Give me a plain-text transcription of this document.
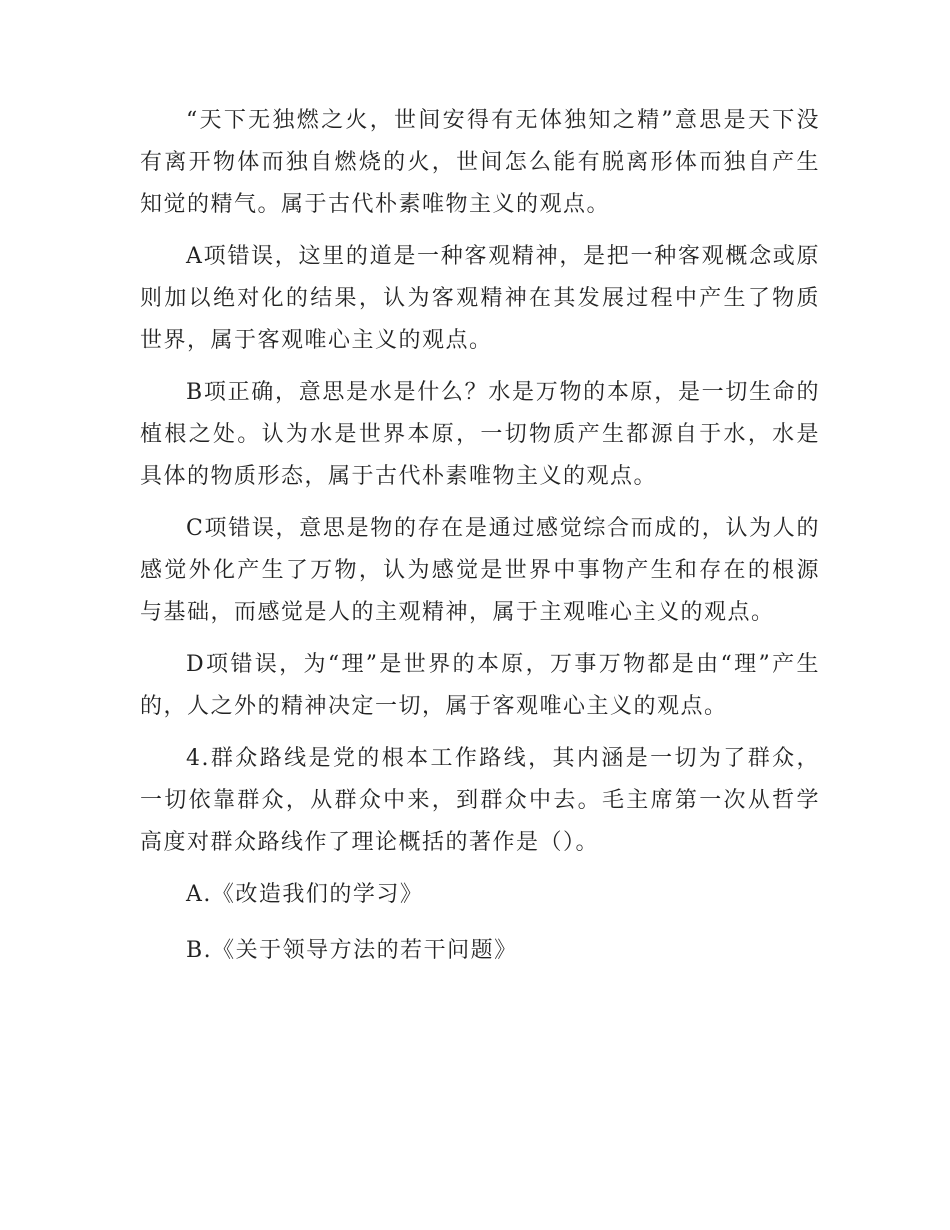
“天下无独燃之火，世间安得有无体独知之精”意思是天下没有离开物体而独自燃烧的火，世间怎么能有脱离形体而独自产生知觉的精气。属于古代朴素唯物主义的观点。

A项错误，这里的道是一种客观精神，是把一种客观概念或原则加以绝对化的结果，认为客观精神在其发展过程中产生了物质世界，属于客观唯心主义的观点。

B项正确，意思是水是什么？水是万物的本原，是一切生命的植根之处。认为水是世界本原，一切物质产生都源自于水，水是具体的物质形态，属于古代朴素唯物主义的观点。

C项错误，意思是物的存在是通过感觉综合而成的，认为人的感觉外化产生了万物，认为感觉是世界中事物产生和存在的根源与基础，而感觉是人的主观精神，属于主观唯心主义的观点。

D项错误，为“理”是世界的本原，万事万物都是由“理”产生的，人之外的精神决定一切，属于客观唯心主义的观点。

4.群众路线是党的根本工作路线，其内涵是一切为了群众，一切依靠群众，从群众中来，到群众中去。毛主席第一次从哲学高度对群众路线作了理论概括的著作是（）。

A.《改造我们的学习》

B.《关于领导方法的若干问题》
